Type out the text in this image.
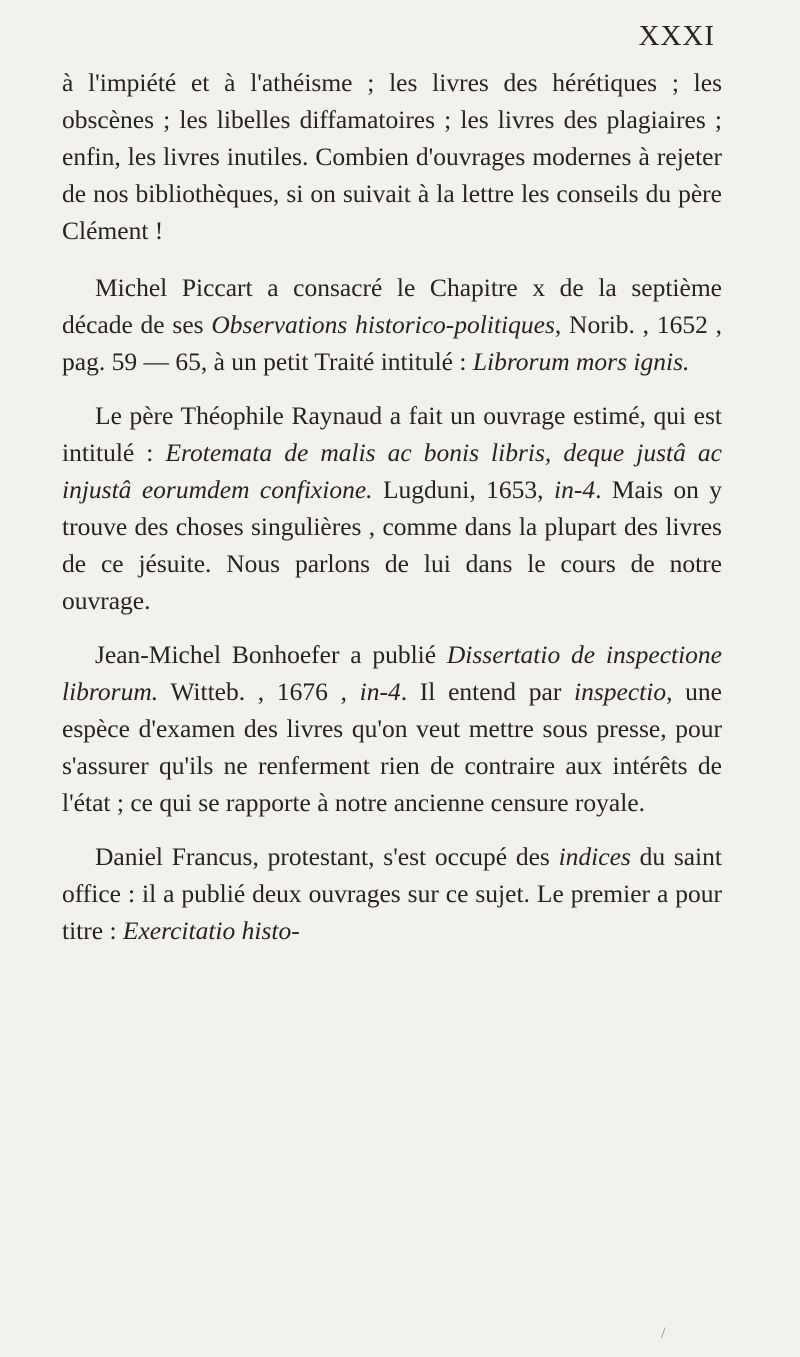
XXXI

à l'impiété et à l'athéisme ; les livres des hérétiques ; les obscènes ; les libelles diffamatoires ; les livres des plagiaires ; enfin, les livres inutiles. Combien d'ouvrages modernes à rejeter de nos bibliothèques, si on suivait à la lettre les conseils du père Clément !

Michel Piccart a consacré le Chapitre x de la septième décade de ses Observations historico-politiques, Norib. , 1652 , pag. 59 — 65, à un petit Traité intitulé : Librorum mors ignis.

Le père Théophile Raynaud a fait un ouvrage estimé, qui est intitulé : Erotemata de malis ac bonis libris, deque justâ ac injustâ eorumdem confixione. Lugduni, 1653, in-4. Mais on y trouve des choses singulières , comme dans la plupart des livres de ce jésuite. Nous parlons de lui dans le cours de notre ouvrage.

Jean-Michel Bonhoefer a publié Dissertatio de inspectione librorum. Witteb. , 1676 , in-4. Il entend par inspectio, une espèce d'examen des livres qu'on veut mettre sous presse, pour s'assurer qu'ils ne renferment rien de contraire aux intérêts de l'état ; ce qui se rapporte à notre ancienne censure royale.

Daniel Francus, protestant, s'est occupé des indices du saint office : il a publié deux ouvrages sur ce sujet. Le premier a pour titre : Exercitatio histo-

/
